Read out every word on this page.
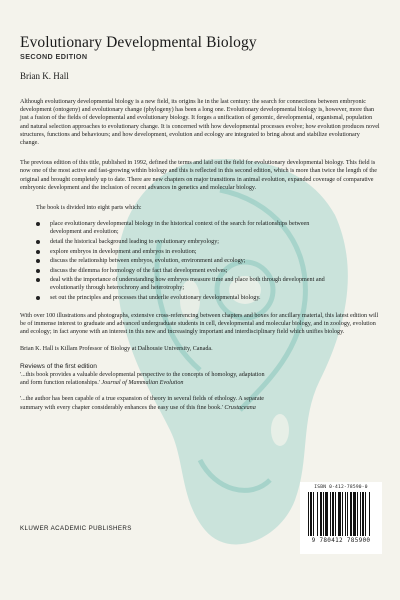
Evolutionary Developmental Biology
SECOND EDITION
Brian K. Hall

Although evolutionary developmental biology is a new field, its origins lie in the last century: the search for connections between embryonic development (ontogeny) and evolutionary change (phylogeny) has been a long one. Evolutionary developmental biology is, however, more than just a fusion of the fields of developmental and evolutionary biology. It forges a unification of genomic, developmental, organismal, population and natural selection approaches to evolutionary change. It is concerned with how developmental processes evolve; how evolution produces novel structures, functions and behaviours; and how development, evolution and ecology are integrated to bring about and stabilize evolutionary change.

The previous edition of this title, published in 1992, defined the terms and laid out the field for evolutionary developmental biology. This field is now one of the most active and fast-growing within biology and this is reflected in this second edition, which is more than twice the length of the original and brought completely up to date. There are new chapters on major transitions in animal evolution, expanded coverage of comparative embryonic development and the inclusion of recent advances in genetics and molecular biology.

The book is divided into eight parts which:

place evolutionary developmental biology in the historical context of the search for relationships between development and evolution;
detail the historical background leading to evolutionary embryology;
explore embryos in development and embryos in evolution;
discuss the relationship between embryos, evolution, environment and ecology;
discuss the dilemma for homology of the fact that development evolves;
deal with the importance of understanding how embryos measure time and place both through development and evolutionarily through heterochrony and heterotrophy;
set out the principles and processes that underlie evolutionary developmental biology.

With over 100 illustrations and photographs, extensive cross-referencing between chapters and boxes for ancillary material, this latest edition will be of immense interest to graduate and advanced undergraduate students in cell, developmental and molecular biology, and in zoology, evolution and ecology; in fact anyone with an interest in this new and increasingly important and interdisciplinary field which unifies biology.

Brian K. Hall is Killam Professor of Biology at Dalhousie University, Canada.

Reviews of the first edition

'...this book provides a valuable developmental perspective to the concepts of homology, adaptation and form function relationships.' Journal of Mammalian Evolution

'...the author has been capable of a true expansion of theory in several fields of ethology. A separate summary with every chapter considerably enhances the easy use of this fine book.' Crustaceana

KLUWER ACADEMIC PUBLISHERS
ISBN 0-412-78590-0
9 780412 785900
